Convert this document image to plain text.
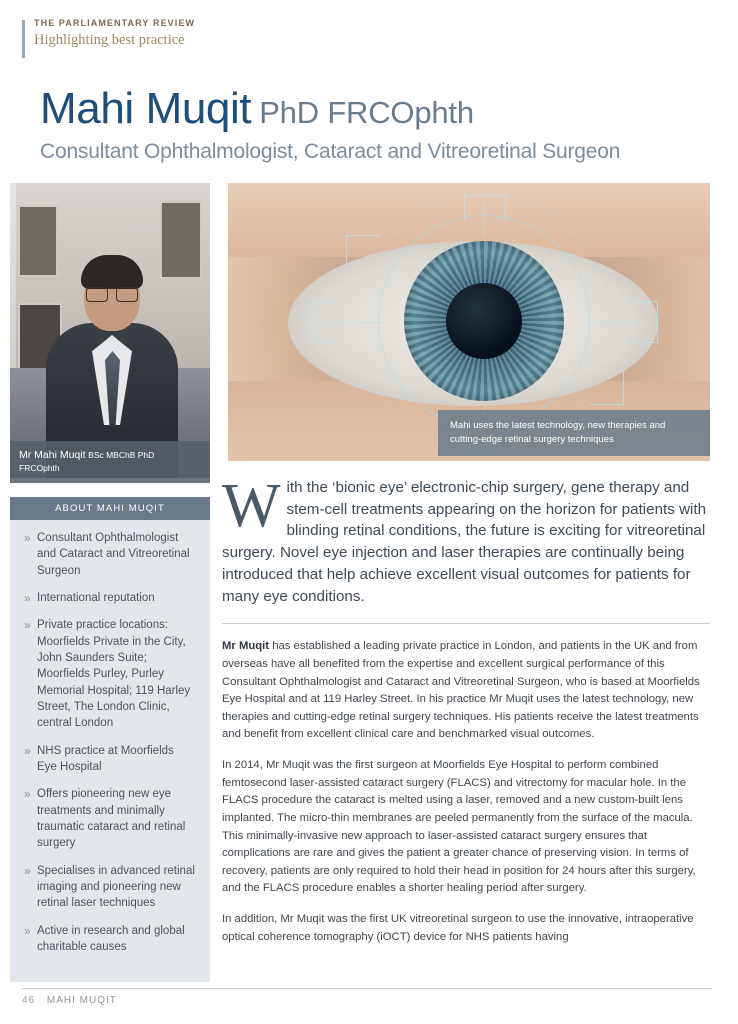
THE PARLIAMENTARY REVIEW
Highlighting best practice
Mahi Muqit PhD FRCOphth
Consultant Ophthalmologist, Cataract and Vitreoretinal Surgeon
Mr Mahi Muqit BSc MBChB PhD
FRCOphth
Mahi uses the latest technology, new therapies and cutting-edge retinal surgery techniques
ABOUT MAHI MUQIT
» Consultant Ophthalmologist and Cataract and Vitreoretinal Surgeon
» International reputation
» Private practice locations: Moorfields Private in the City, John Saunders Suite; Moorfields Purley, Purley Memorial Hospital; 119 Harley Street, The London Clinic, central London
» NHS practice at Moorfields Eye Hospital
» Offers pioneering new eye treatments and minimally traumatic cataract and retinal surgery
» Specialises in advanced retinal imaging and pioneering new retinal laser techniques
» Active in research and global charitable causes

With the ‘bionic eye’ electronic-chip surgery, gene therapy and stem-cell treatments appearing on the horizon for patients with blinding retinal conditions, the future is exciting for vitreoretinal surgery. Novel eye injection and laser therapies are continually being introduced that help achieve excellent visual outcomes for patients for many eye conditions.

Mr Muqit has established a leading private practice in London, and patients in the UK and from overseas have all benefited from the expertise and excellent surgical performance of this Consultant Ophthalmologist and Cataract and Vitreoretinal Surgeon, who is based at Moorfields Eye Hospital and at 119 Harley Street. In his practice Mr Muqit uses the latest technology, new therapies and cutting-edge retinal surgery techniques. His patients receive the latest treatments and benefit from excellent clinical care and benchmarked visual outcomes.

In 2014, Mr Muqit was the first surgeon at Moorfields Eye Hospital to perform combined femtosecond laser-assisted cataract surgery (FLACS) and vitrectomy for macular hole. In the FLACS procedure the cataract is melted using a laser, removed and a new custom-built lens implanted. The micro-thin membranes are peeled permanently from the surface of the macula. This minimally-invasive new approach to laser-assisted cataract surgery ensures that complications are rare and gives the patient a greater chance of preserving vision. In terms of recovery, patients are only required to hold their head in position for 24 hours after this surgery, and the FLACS procedure enables a shorter healing period after surgery.

In addition, Mr Muqit was the first UK vitreoretinal surgeon to use the innovative, intraoperative optical coherence tomography (iOCT) device for NHS patients having

46 MAHI MUQIT
